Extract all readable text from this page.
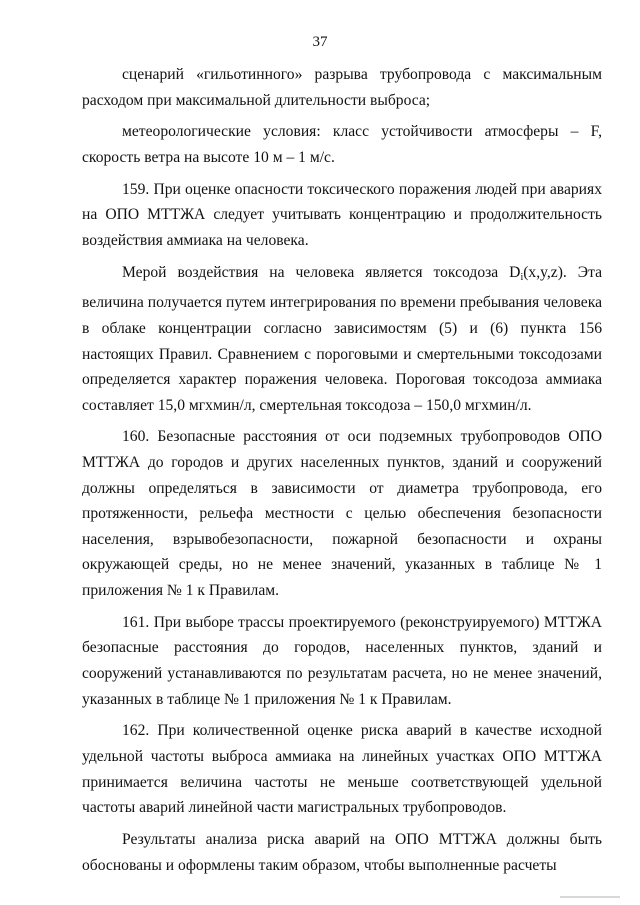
37

сценарий «гильотинного» разрыва трубопровода с максимальным расходом при максимальной длительности выброса;

метеорологические условия: класс устойчивости атмосферы – F, скорость ветра на высоте 10 м – 1 м/с.

159. При оценке опасности токсического поражения людей при авариях на ОПО МТТЖА следует учитывать концентрацию и продолжительность воздействия аммиака на человека.

Мерой воздействия на человека является токсодоза $D_i(x,y,z)$. Эта величина получается путем интегрирования по времени пребывания человека в облаке концентрации согласно зависимостям (5) и (6) пункта 156 настоящих Правил. Сравнением с пороговыми и смертельными токсодозами определяется характер поражения человека. Пороговая токсодоза аммиака составляет 15,0 мгхмин/л, смертельная токсодоза – 150,0 мгхмин/л.

160. Безопасные расстояния от оси подземных трубопроводов ОПО МТТЖА до городов и других населенных пунктов, зданий и сооружений должны определяться в зависимости от диаметра трубопровода, его протяженности, рельефа местности с целью обеспечения безопасности населения, взрывобезопасности, пожарной безопасности и охраны окружающей среды, но не менее значений, указанных в таблице № 1 приложения № 1 к Правилам.

161. При выборе трассы проектируемого (реконструируемого) МТТЖА безопасные расстояния до городов, населенных пунктов, зданий и сооружений устанавливаются по результатам расчета, но не менее значений, указанных в таблице № 1 приложения № 1 к Правилам.

162. При количественной оценке риска аварий в качестве исходной удельной частоты выброса аммиака на линейных участках ОПО МТТЖА принимается величина частоты не меньше соответствующей удельной частоты аварий линейной части магистральных трубопроводов.

Результаты анализа риска аварий на ОПО МТТЖА должны быть обоснованы и оформлены таким образом, чтобы выполненные расчеты
